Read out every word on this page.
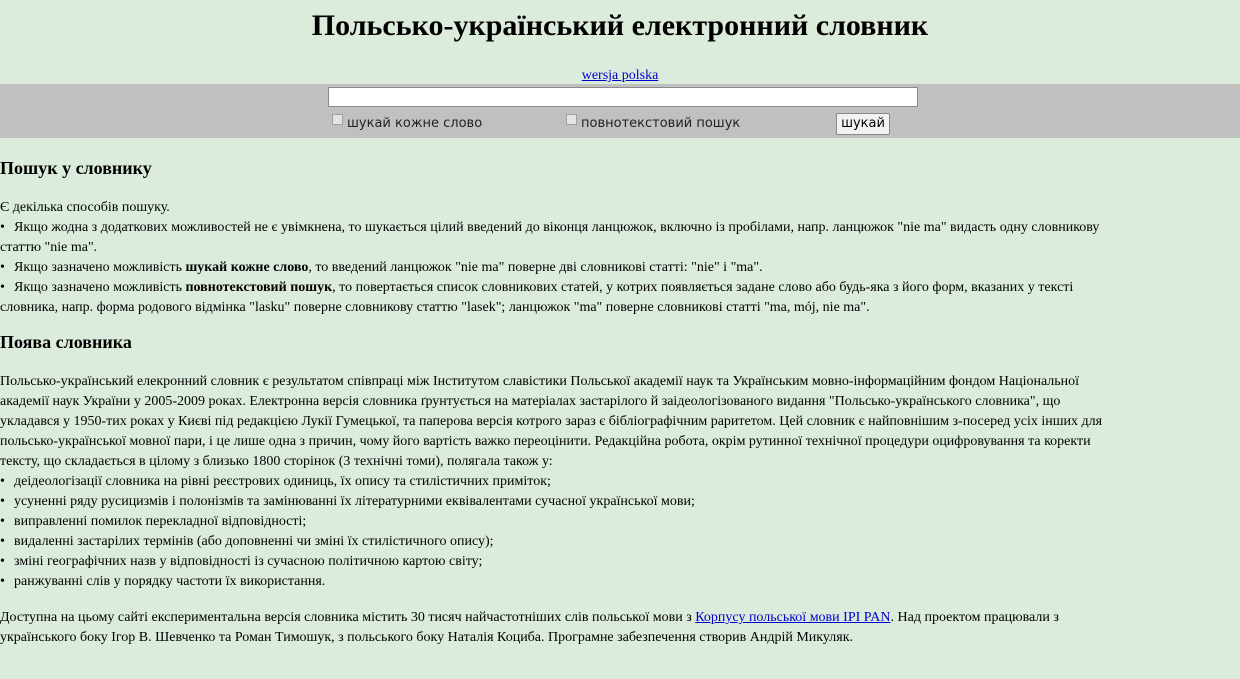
Польсько-український електронний словник
wersja polska
шукай кожне слово	повнотекстовий пошук	шукай
Пошук у словнику

Є декілька способів пошуку.

• Якщо жодна з додаткових можливостей не є увімкнена, то шукається цілий введений до віконця ланцюжок, включно із пробілами, напр. ланцюжок "nie ma" видасть одну словникову

статтю "nie ma".

• Якщо зазначено можливість шукай кожне слово, то введений ланцюжок "nie ma" поверне дві словникові статті: "nie" і "ma".

• Якщо зазначено можливість повнотекстовий пошук, то повертається список словникових статей, у котрих появляється задане слово або будь-яка з його форм, вказаних у тексті

словника, напр. форма родового відмінка "lasku" поверне словникову статтю "lasek"; ланцюжок "ma" поверне словникові статті "ma, mój, nie ma".

Поява словника

Польсько-український елекронний словник є результатом співпраці між Інститутом славістики Польської академії наук та Українським мовно-інформаційним фондом Національної

академії наук України у 2005-2009 роках. Електронна версія словника ґрунтується на матеріалах застарілого й заідеологізованого видання "Польсько-українського словника", що

укладався у 1950-тих роках у Києві під редакцією Лукії Гумецької, та паперова версія котрого зараз є бібліографічним раритетом. Цей словник є найповнішим з-посеред усіх інших для

польсько-української мовної пари, і це лише одна з причин, чому його вартість важко переоцінити. Редакційна робота, окрім рутинної технічної процедури оцифровування та коректи

тексту, що складається в цілому з близько 1800 сторінок (3 технічні томи), полягала також у:

• деідеологізації словника на рівні реєстрових одиниць, їх опису та стилістичних приміток;

• усуненні ряду русицизмів і полонізмів та замінюванні їх літературними еквівалентами сучасної української мови;

• виправленні помилок перекладної відповідності;

• видаленні застарілих термінів (або доповненні чи зміні їх стилістичного опису);

• зміні географічних назв у відповідності із сучасною політичною картою світу;

• ранжуванні слів у порядку частоти їх використання.

Доступна на цьому сайті експериментальна версія словника містить 30 тисяч найчастотніших слів польської мови з Корпусу польської мови IPI PAN. Над проектом працювали з

українського боку Ігор В. Шевченко та Роман Тимошук, з польського боку Наталія Коциба. Програмне забезпечення створив Андрій Микуляк.
